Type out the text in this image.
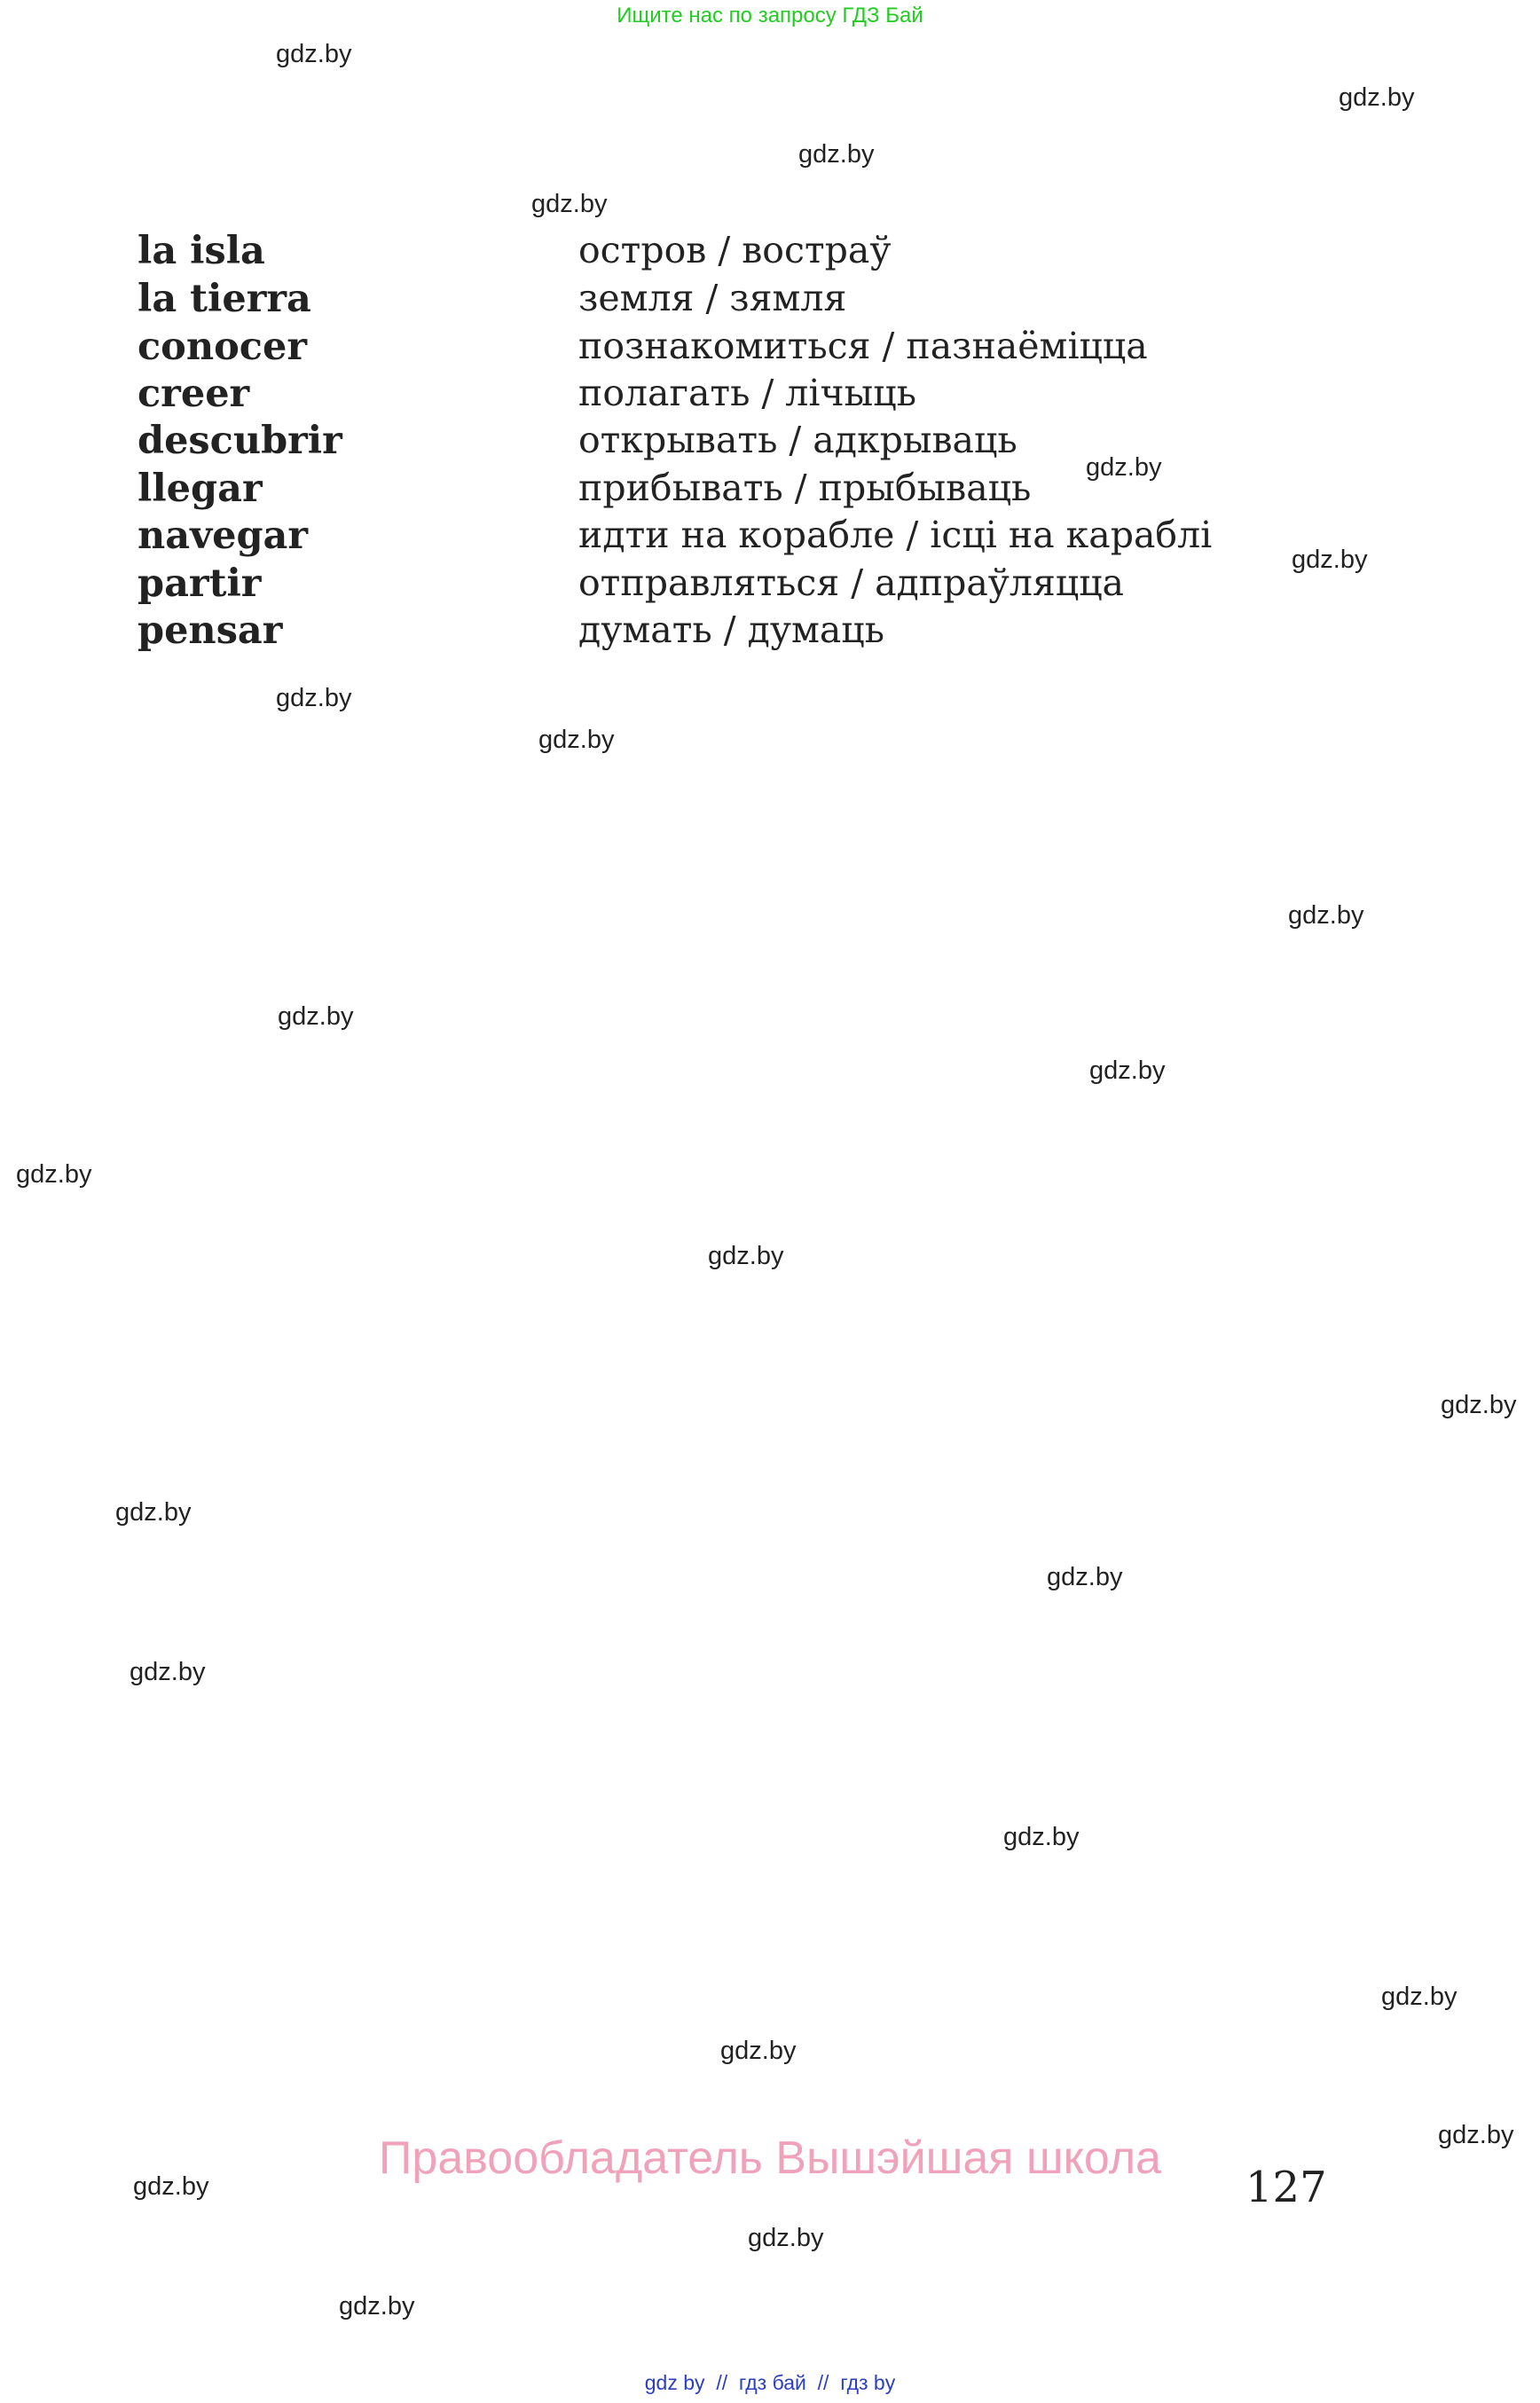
Ищите нас по запросу ГДЗ Бай
la isla	остров / востраў
la tierra	земля / зямля
conocer	познакомиться / пазнаёміцца
creer	полагать / лічыць
descubrir	открывать / адкрываць
llegar	прибывать / прыбываць
navegar	идти на корабле / ісці на караблі
partir	отправляться / адпраўляцца
pensar	думать / думаць
gdz.by
gdz.by
gdz.by
gdz.by
gdz.by
gdz.by
gdz.by
gdz.by
gdz.by
gdz.by
gdz.by
gdz.by
gdz.by
gdz.by
gdz.by
gdz.by
gdz.by
gdz.by
gdz.by
gdz.by
gdz.by
gdz.by
gdz.by
gdz.by
Правообладатель Вышэйшая школа
127
gdz by // гдз бай // гдз by
